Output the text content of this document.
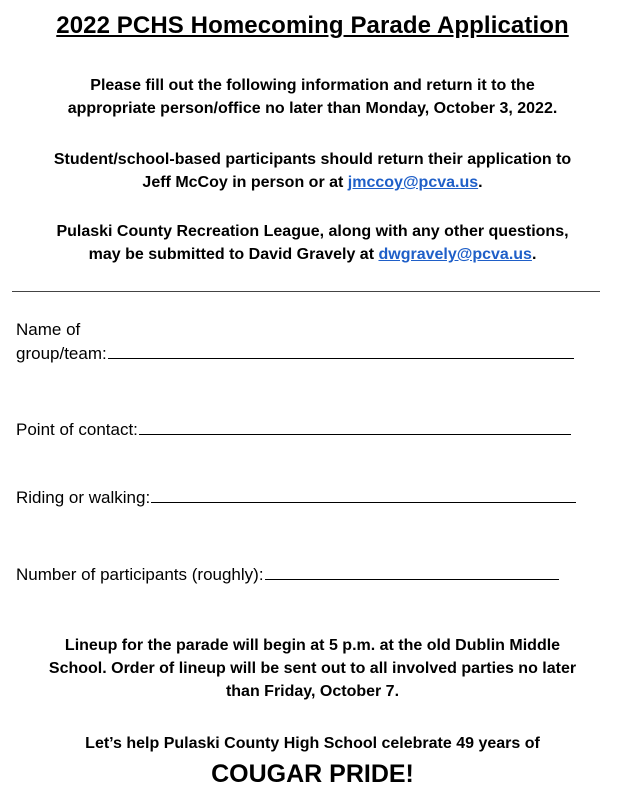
2022 PCHS Homecoming Parade Application
Please fill out the following information and return it to the
appropriate person/office no later than Monday, October 3, 2022.
Student/school-based participants should return their application to
Jeff McCoy in person or at jmccoy@pcva.us.
Pulaski County Recreation League, along with any other questions,
may be submitted to David Gravely at dwgravely@pcva.us.
Name of
group/team:
Point of contact:
Riding or walking:
Number of participants (roughly):
Lineup for the parade will begin at 5 p.m. at the old Dublin Middle
School. Order of lineup will be sent out to all involved parties no later
than Friday, October 7.
Let’s help Pulaski County High School celebrate 49 years of
COUGAR PRIDE!
